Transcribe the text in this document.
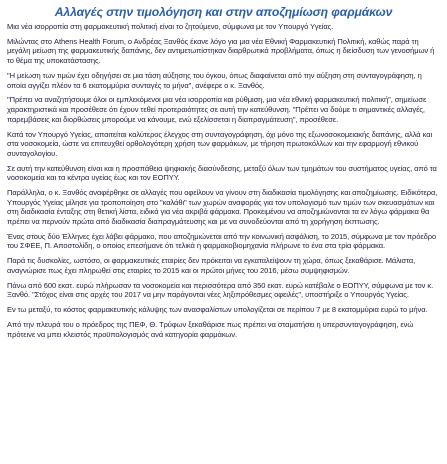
Αλλαγές στην τιμολόγηση και στην αποζημίωση φαρμάκων

Μια νέα ισορροπία στη φαρμακευτική πολιτική είναι το ζητούμενο, σύμφωνα με τον Υπουργό Υγείας.

Μιλώντας στο Athens Health Forum, ο Ανδρέας Ξανθός έκανε λόγο για μια νέα Εθνική Φαρμακευτική Πολιτική, καθώς παρά τη μεγάλη μείωση της φαρμακευτικής δαπάνης, δεν αντιμετωπίστηκαν διαρθρωτικά προβλήματα, όπως η διείσδυση των γενοσήμων ή το θέμα της υποκατάστασης.

"Η μείωση των τιμών έχει οδηγήσει σε μια τάση αύξησης του όγκου, όπως διαφαίνεται από την αύξηση στη συνταγογράφηση, η οποία αγγίζει πλέον τα 6 εκατομμύρια συνταγές το μήνα", ανέφερε ο κ. Ξανθός.

"Πρέπει να αναζητήσουμε όλοι οι εμπλεκόμενοι μια νέα ισορροπία και ρύθμιση, μια νέα εθνική φαρμακευτική πολιτική", σημείωσε χαρακτηριστικά και προσέθεσε ότι έχουν τεθεί προτεραιότητες σε αυτή την κατεύθυνση. "Πρέπει να δούμε τι σημαντικές αλλαγές, παρεμβάσεις και διορθώσεις μπορούμε να κάνουμε, ενώ εξελίσσεται η διαπραγμάτευση", προσέθεσε.

Κατά τον Υπουργό Υγείας, απαιτείται καλύτερος έλεγχος στη συνταγογράφηση, όχι μόνο της εξωνοσοκομειακής δαπάνης, αλλά και στα νοσοκομεία, ώστε να επιτευχθεί ορθολογότερη χρήση των φαρμάκων, με τήρηση πρωτοκόλλων και την εφαρμογή εθνικού συνταγολογίου.

Σε αυτή την κατεύθυνση είναι και η προσπάθεια ψηφιακής διασύνδεσης, μεταξύ όλων των τμημάτων του συστήματος υγείας, από τα νοσοκομεία και τα κέντρα υγείας έως και τον ΕΟΠΥΥ.

Παράλληλα, ο κ. Ξανθός αναφέρθηκε σε αλλαγές που οφείλουν να γίνουν στη διαδικασία τιμολόγησης και αποζημίωσης. Ειδικότερα, Υπουργός Υγείας μίλησε για τροποποίηση στο "καλάθι" των χωρών αναφοράς για τον υπολογισμό των τιμών των σκευασμάτων και στη διαδικασία ένταξης στη θετική λίστα, ειδικά για νέα ακριβά φάρμακα. Προκειμένου να αποζημιώνονται τα εν λόγω φάρμακα θα πρέπει να περνούν πρώτα από διαδικασία διαπραγμάτευσης και με να συνοδεύονται από τη χορήγηση έκπτωσης.

Ένας στους δύο Έλληνες έχει λάβει φάρμακο, που αποζημιώνεται από την κοινωνική ασφάλιση, το 2015, σύμφωνα με τον πρόεδρο του ΣΦΕΕ, Π. Αποστολίδη, ο οποίος επεσήμανε ότι τελικά η φαρμακοβιομηχανία πλήρωνε το ένα στα τρία φάρμακα.

Παρά τις δυσκολίες, ωστόσο, οι φαρμακευτικές εταιρίες δεν πρόκειται να εγκαταλείψουν τη χώρα, όπως ξεκαθάρισε. Μάλιστα, αναγνώρισε πως έχει πληρωθεί στις εταιρίες το 2015 και οι πρώτοι μήνες του 2016, μέσω συμψηφισμών.

Πάνω από 600 εκατ. ευρώ πλήρωσαν τα νοσοκομεία και περισσότερα από 350 εκατ. ευρώ κατέβαλε ο ΕΟΠΥΥ, σύμφωνα με τον κ. Ξανθό. "Στόχος είναι στις αρχές του 2017 να μην παράγονται νέες ληξιπρόθεσμες οφειλές", υποστήριξε ο Υπουργός Υγείας.

Εν τω μεταξύ, το κόστος φαρμακευτικής κάλυψης των ανασφαλίστων υπολογίζεται σε περίπου 7 με 8 εκατομμύρια ευρώ το μήνα.

Από την πλευρά του ο πρόεδρος της ΠΕΦ, Θ. Τρύφων ξεκαθάρισε πως πρέπει να σταματήσει η υπερσυνταγογράφηση, ενώ πρότεινε να μπει κλειστός προϋπολογισμός ανά κατηγορία φαρμάκων.
